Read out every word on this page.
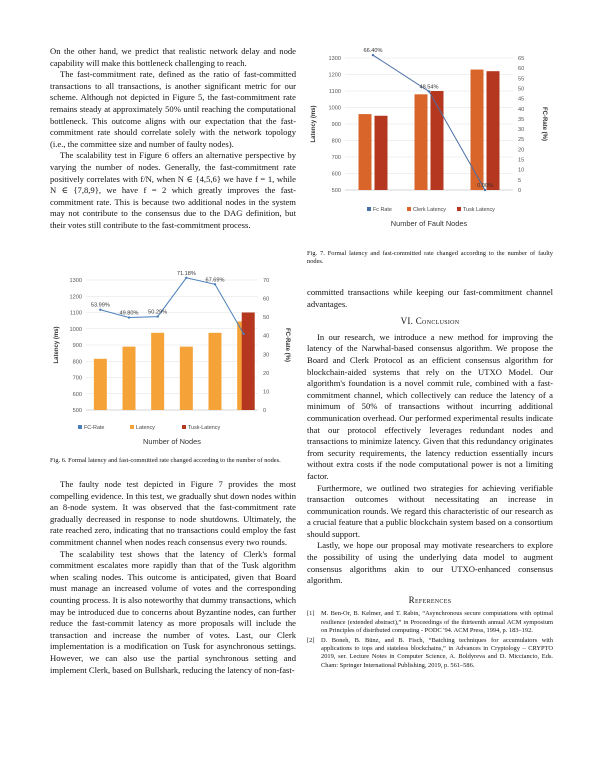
On the other hand, we predict that realistic network delay and node capability will make this bottleneck challenging to reach.

The fast-commitment rate, defined as the ratio of fast-committed transactions to all transactions, is another significant metric for our scheme. Although not depicted in Figure 5, the fast-commitment rate remains steady at approximately 50% until reaching the computational bottleneck. This outcome aligns with our expectation that the fast-commitment rate should correlate solely with the network topology (i.e., the committee size and number of faulty nodes).

The scalability test in Figure 6 offers an alternative perspective by varying the number of nodes. Generally, the fast-commitment rate positively correlates with f/N, when N ∈ {4,5,6} we have f = 1, while N ∈ {7,8,9}, we have f = 2 which greatly improves the fast-commitment rate. This is because two additional nodes in the system may not contribute to the consensus due to the DAG definition, but their votes still contribute to the fast-commitment process.

500
600
700
800
900
1000
1100
1200
1300
0
10
20
30
40
50
60
70
53.99%
49.80% 50.29%
71.18%
67.69%
Latency (ms)	FC-Rate (%)
FC-Rate	Latency	Tusk-Latency
Number of Nodes
Fig. 6. Formal latency and fast-committed rate changed according to the number of nodes.

The faulty node test depicted in Figure 7 provides the most compelling evidence. In this test, we gradually shut down nodes within an 8-node system. It was observed that the fast-commitment rate gradually decreased in response to node shutdowns. Ultimately, the rate reached zero, indicating that no transactions could employ the fast commitment channel when nodes reach consensus every two rounds.

The scalability test shows that the latency of Clerk's formal commitment escalates more rapidly than that of the Tusk algorithm when scaling nodes. This outcome is anticipated, given that Board must manage an increased volume of votes and the corresponding counting process. It is also noteworthy that dummy transactions, which may be introduced due to concerns about Byzantine nodes, can further reduce the fast-commit latency as more proposals will include the transaction and increase the number of votes. Last, our Clerk implementation is a modification on Tusk for asynchronous settings. However, we can also use the partial synchronous setting and implement Clerk, based on Bullshark, reducing the latency of non-fast-

500
600
700
800
900
1000
1100
1200
1300
0
5
10
15
20
25
30
35
40
45
50
55
60
65
66.40%
48.54%
0.00%
Latency (ms)	FC-Rate (%)
Fc Rate	Clerk Latency	Tusk Latency
Number of Fault Nodes
Fig. 7. Formal latency and fast-committed rate changed according to the number of faulty nodes.

committed transactions while keeping our fast-commitment channel advantages.

VI. Conclusion

In our research, we introduce a new method for improving the latency of the Narwhal-based consensus algorithm. We propose the Board and Clerk Protocol as an efficient consensus algorithm for blockchain-aided systems that rely on the UTXO Model. Our algorithm's foundation is a novel commit rule, combined with a fast-commitment channel, which collectively can reduce the latency of a minimum of 50% of transactions without incurring additional communication overhead. Our performed experimental results indicate that our protocol effectively leverages redundant nodes and transactions to minimize latency. Given that this redundancy originates from security requirements, the latency reduction essentially incurs without extra costs if the node computational power is not a limiting factor.

Furthermore, we outlined two strategies for achieving verifiable transaction outcomes without necessitating an increase in communication rounds. We regard this characteristic of our research as a crucial feature that a public blockchain system based on a consortium should support.

Lastly, we hope our proposal may motivate researchers to explore the possibility of using the underlying data model to augment consensus algorithms akin to our UTXO-enhanced consensus algorithm.

References
[1]	M. Ben-Or, B. Kelmer, and T. Rabin, “Asynchronous secure computations with optimal resilience (extended abstract),” in Proceedings of the thirteenth annual ACM symposium on Principles of distributed computing - PODC '94. ACM Press, 1994, p. 183–192.
[2]	D. Boneh, B. Bünz, and B. Fisch, “Batching techniques for accumulators with applications to iops and stateless blockchains,” in Advances in Cryptology – CRYPTO 2019, ser. Lecture Notes in Computer Science, A. Boldyreva and D. Micciancio, Eds. Cham: Springer International Publishing, 2019, p. 561–586.
